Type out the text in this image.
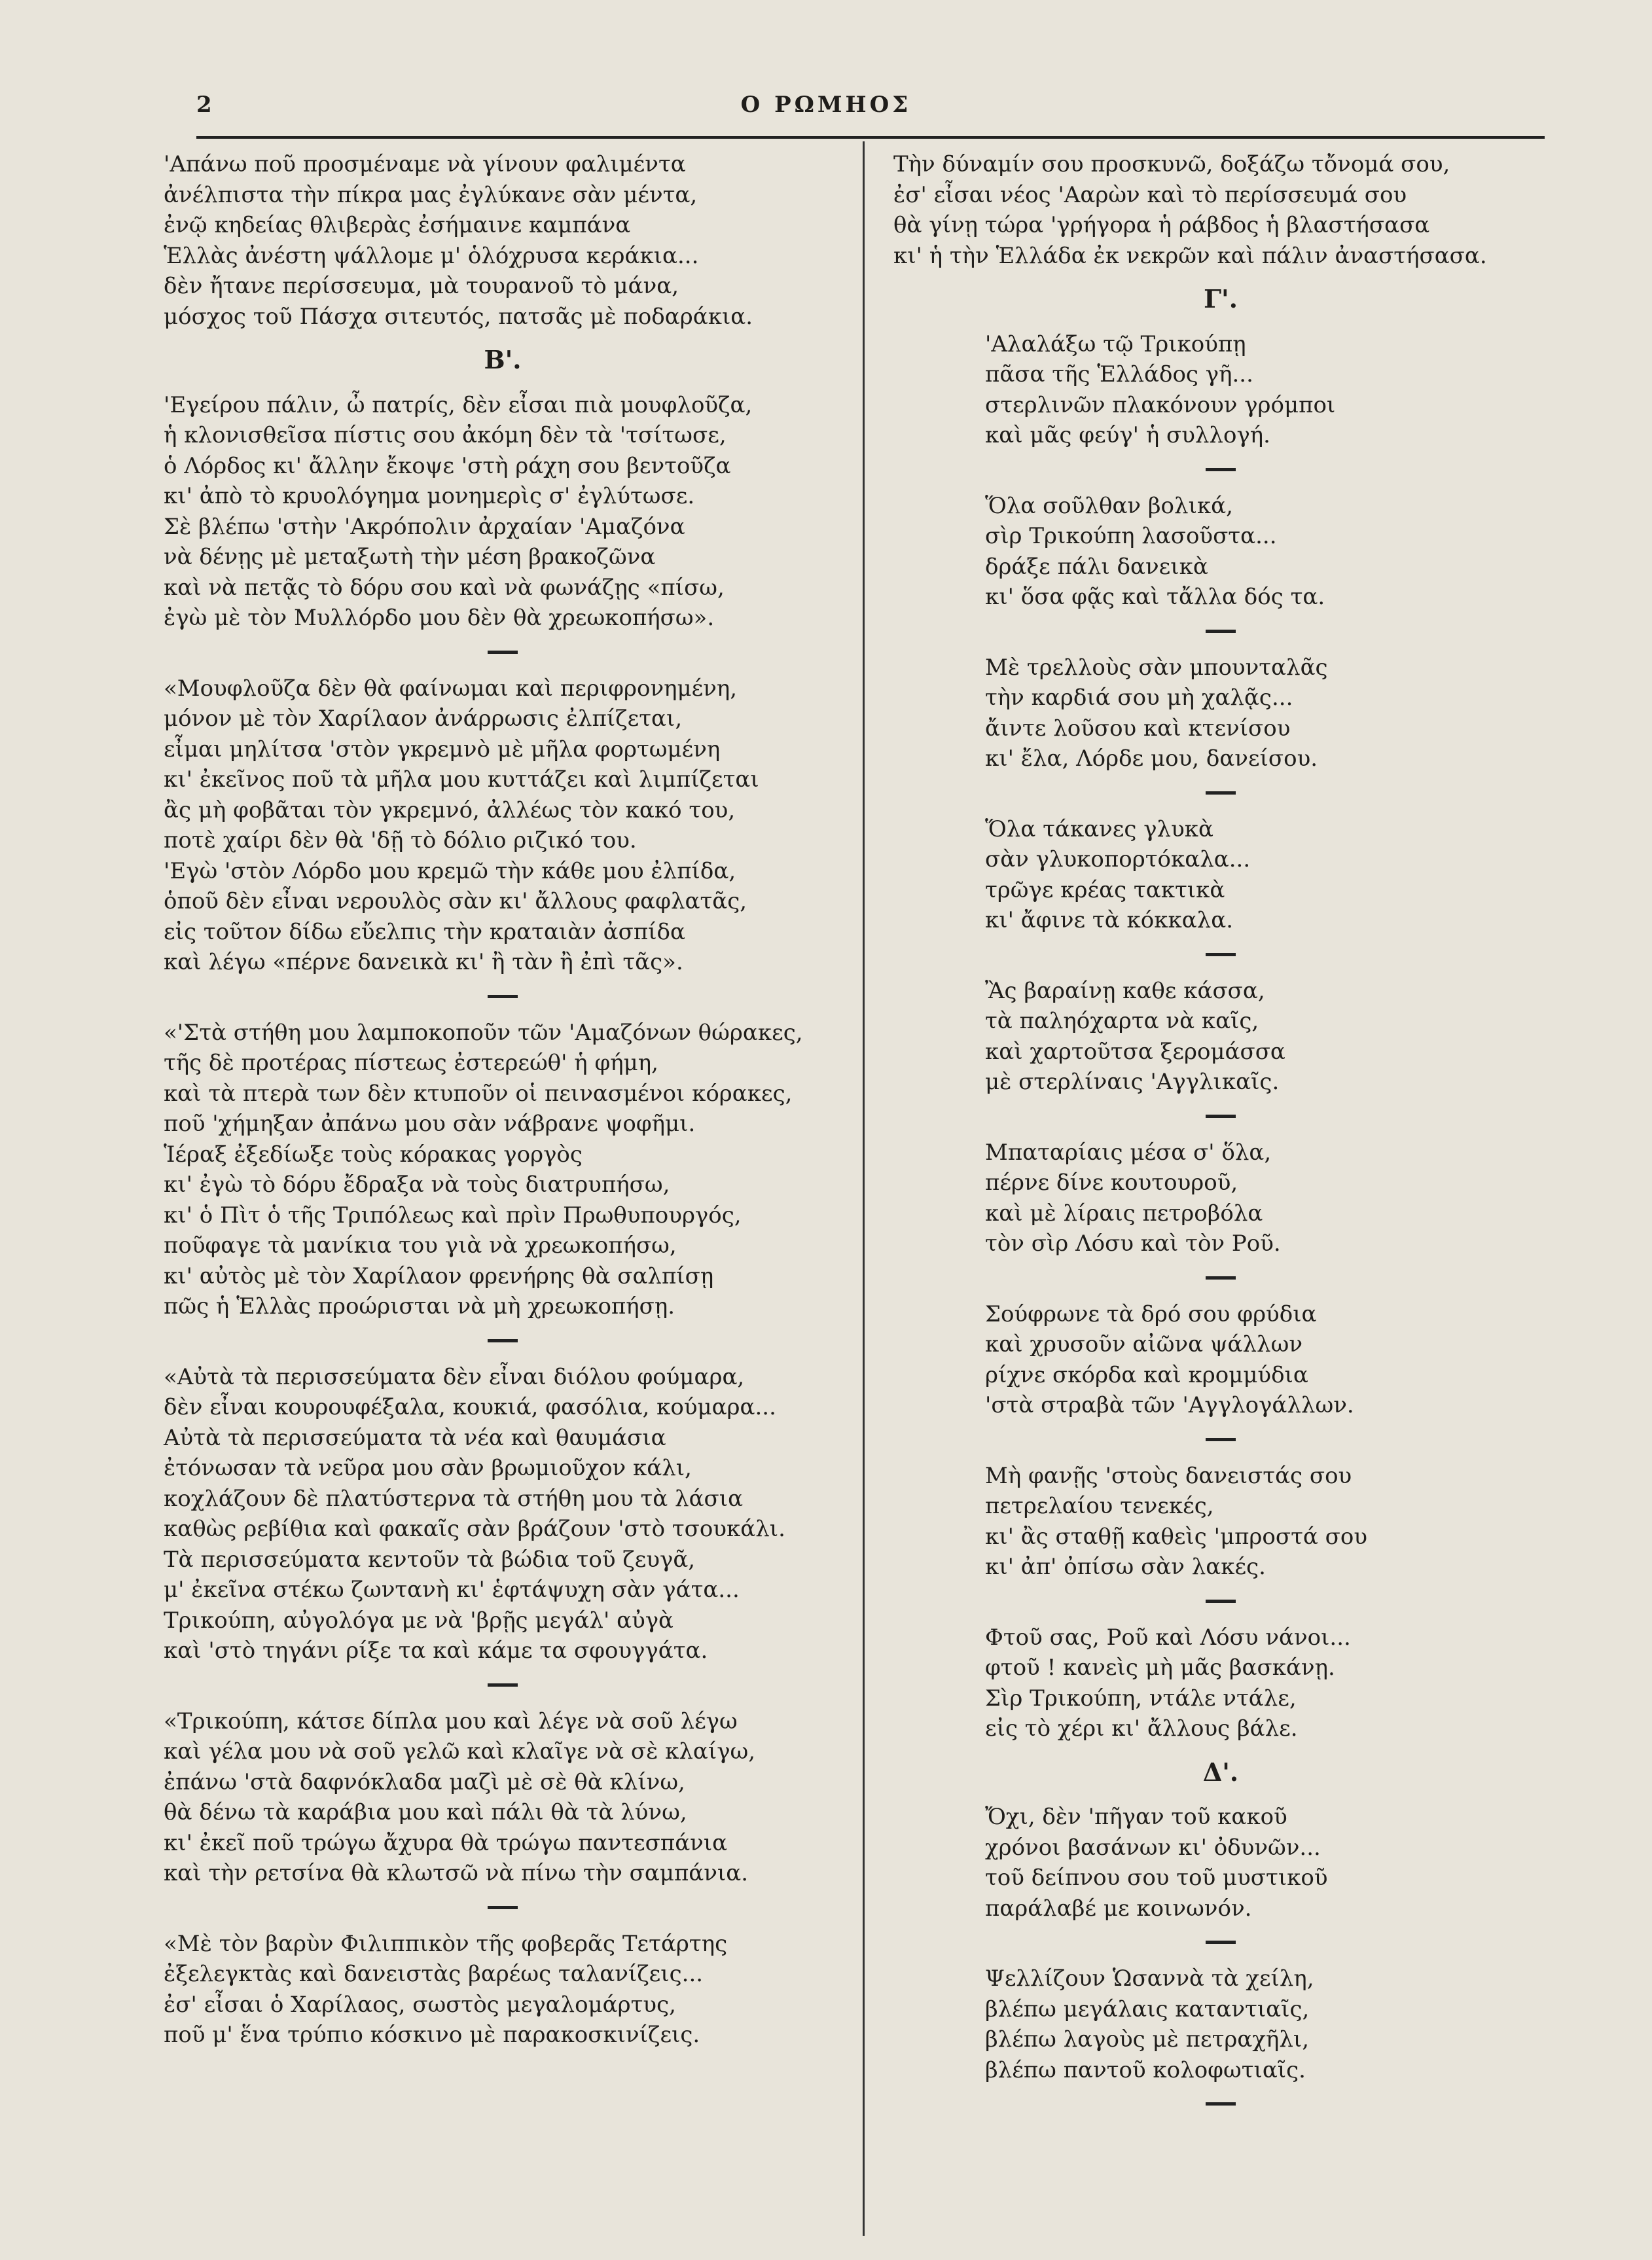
2	Ο ΡΩΜΗΟΣ
'Απάνω ποῦ προσμέναμε νὰ γίνουν φαλιμέντα
ἀνέλπιστα τὴν πίκρα μας ἐγλύκανε σὰν μέντα,
ἐνῷ κηδείας θλιβερὰς ἐσήμαινε καμπάνα
Ἑλλὰς ἀνέστη ψάλλομε μ' ὁλόχρυσα κεράκια...
δὲν ἤτανε περίσσευμα, μὰ τουρανοῦ τὸ μάνα,
μόσχος τοῦ Πάσχα σιτευτός, πατσᾶς μὲ ποδαράκια.
Β'.
'Εγείρου πάλιν, ὦ πατρίς, δὲν εἶσαι πιὰ μουφλοῦζα,
ἡ κλονισθεῖσα πίστις σου ἀκόμη δὲν τὰ 'τσίτωσε,
ὁ Λόρδος κι' ἄλλην ἔκοψε 'στὴ ράχη σου βεντοῦζα
κι' ἀπὸ τὸ κρυολόγημα μονημερὶς σ' ἐγλύτωσε.
Σὲ βλέπω 'στὴν 'Ακρόπολιν ἀρχαίαν 'Αμαζόνα
νὰ δένῃς μὲ μεταξωτὴ τὴν μέση βρακοζῶνα
καὶ νὰ πετᾷς τὸ δόρυ σου καὶ νὰ φωνάζῃς «πίσω,
ἐγὼ μὲ τὸν Μυλλόρδο μου δὲν θὰ χρεωκοπήσω».
«Μουφλοῦζα δὲν θὰ φαίνωμαι καὶ περιφρονημένη,
μόνον μὲ τὸν Χαρίλαον ἀνάρρωσις ἐλπίζεται,
εἶμαι μηλίτσα 'στὸν γκρεμνὸ μὲ μῆλα φορτωμένη
κι' ἐκεῖνος ποῦ τὰ μῆλα μου κυττάζει καὶ λιμπίζεται
ἂς μὴ φοβᾶται τὸν γκρεμνό, ἀλλέως τὸν κακό του,
ποτὲ χαίρι δὲν θὰ 'δῇ τὸ δόλιο ριζικό του.
'Εγὼ 'στὸν Λόρδο μου κρεμῶ τὴν κάθε μου ἐλπίδα,
ὁποῦ δὲν εἶναι νερουλὸς σὰν κι' ἄλλους φαφλατᾶς,
εἰς τοῦτον δίδω εὔελπις τὴν κραταιὰν ἀσπίδα
καὶ λέγω «πέρνε δανεικὰ κι' ἢ τὰν ἢ ἐπὶ τᾶς».
«'Στὰ στήθη μου λαμποκοποῦν τῶν 'Αμαζόνων θώρακες,
τῆς δὲ προτέρας πίστεως ἐστερεώθ' ἡ φήμη,
καὶ τὰ πτερὰ των δὲν κτυποῦν οἱ πεινασμένοι κόρακες,
ποῦ 'χήμηξαν ἀπάνω μου σὰν νάβρανε ψοφῆμι.
Ἱέραξ ἐξεδίωξε τοὺς κόρακας γοργὸς
κι' ἐγὼ τὸ δόρυ ἔδραξα νὰ τοὺς διατρυπήσω,
κι' ὁ Πὶτ ὁ τῆς Τριπόλεως καὶ πρὶν Πρωθυπουργός,
ποῦφαγε τὰ μανίκια του γιὰ νὰ χρεωκοπήσω,
κι' αὐτὸς μὲ τὸν Χαρίλαον φρενήρης θὰ σαλπίσῃ
πῶς ἡ Ἑλλὰς προώρισται νὰ μὴ χρεωκοπήσῃ.
«Αὐτὰ τὰ περισσεύματα δὲν εἶναι διόλου φούμαρα,
δὲν εἶναι κουρουφέξαλα, κουκιά, φασόλια, κούμαρα...
Αὐτὰ τὰ περισσεύματα τὰ νέα καὶ θαυμάσια
ἐτόνωσαν τὰ νεῦρα μου σὰν βρωμιοῦχον κάλι,
κοχλάζουν δὲ πλατύστερνα τὰ στήθη μου τὰ λάσια
καθὼς ρεβίθια καὶ φακαῖς σὰν βράζουν 'στὸ τσουκάλι.
Τὰ περισσεύματα κεντοῦν τὰ βώδια τοῦ ζευγᾶ,
μ' ἐκεῖνα στέκω ζωντανὴ κι' ἑφτάψυχη σὰν γάτα...
Τρικούπη, αὐγολόγα με νὰ 'βρῇς μεγάλ' αὐγὰ
καὶ 'στὸ τηγάνι ρίξε τα καὶ κάμε τα σφουγγάτα.
«Τρικούπη, κάτσε δίπλα μου καὶ λέγε νὰ σοῦ λέγω
καὶ γέλα μου νὰ σοῦ γελῶ καὶ κλαῖγε νὰ σὲ κλαίγω,
ἐπάνω 'στὰ δαφνόκλαδα μαζὶ μὲ σὲ θὰ κλίνω,
θὰ δένω τὰ καράβια μου καὶ πάλι θὰ τὰ λύνω,
κι' ἐκεῖ ποῦ τρώγω ἄχυρα θὰ τρώγω παντεσπάνια
καὶ τὴν ρετσίνα θὰ κλωτσῶ νὰ πίνω τὴν σαμπάνια.
«Μὲ τὸν βαρὺν Φιλιππικὸν τῆς φοβερᾶς Τετάρτης
ἐξελεγκτὰς καὶ δανειστὰς βαρέως ταλανίζεις...
ἐσ' εἶσαι ὁ Χαρίλαος, σωστὸς μεγαλομάρτυς,
ποῦ μ' ἕνα τρύπιο κόσκινο μὲ παρακοσκινίζεις.
Τὴν δύναμίν σου προσκυνῶ, δοξάζω τὄνομά σου,
ἐσ' εἶσαι νέος 'Ααρὼν καὶ τὸ περίσσευμά σου
θὰ γίνῃ τώρα 'γρήγορα ἡ ράβδος ἡ βλαστήσασα
κι' ἡ τὴν Ἑλλάδα ἐκ νεκρῶν καὶ πάλιν ἀναστήσασα.
Γ'.
'Αλαλάξω τῷ Τρικούπῃ
πᾶσα τῆς Ἑλλάδος γῆ...
στερλινῶν πλακόνουν γρόμποι
καὶ μᾶς φεύγ' ἡ συλλογή.
Ὅλα σοῦλθαν βολικά,
σὶρ Τρικούπη λασοῦστα...
δράξε πάλι δανεικὰ
κι' ὅσα φᾷς καὶ τἄλλα δός τα.
Μὲ τρελλοὺς σὰν μπουνταλᾶς
τὴν καρδιά σου μὴ χαλᾷς...
ἄιντε λοῦσου καὶ κτενίσου
κι' ἔλα, Λόρδε μου, δανείσου.
Ὅλα τάκανες γλυκὰ
σὰν γλυκοπορτόκαλα...
τρῶγε κρέας τακτικὰ
κι' ἄφινε τὰ κόκκαλα.
Ἂς βαραίνῃ καθε κάσσα,
τὰ παληόχαρτα νὰ καῖς,
καὶ χαρτοῦτσα ξερομάσσα
μὲ στερλίναις 'Αγγλικαῖς.
Μπαταρίαις μέσα σ' ὅλα,
πέρνε δίνε κουτουροῦ,
καὶ μὲ λίραις πετροβόλα
τὸν σὶρ Λόσυ καὶ τὸν Ροῦ.
Σούφρωνε τὰ δρό σου φρύδια
καὶ χρυσοῦν αἰῶνα ψάλλων
ρίχνε σκόρδα καὶ κρομμύδια
'στὰ στραβὰ τῶν 'Αγγλογάλλων.
Μὴ φανῇς 'στοὺς δανειστάς σου
πετρελαίου τενεκές,
κι' ἂς σταθῇ καθεὶς 'μπροστά σου
κι' ἀπ' ὀπίσω σὰν λακές.
Φτοῦ σας, Ροῦ καὶ Λόσυ νάνοι...
φτοῦ ! κανεὶς μὴ μᾶς βασκάνῃ.
Σὶρ Τρικούπη, ντάλε ντάλε,
εἰς τὸ χέρι κι' ἄλλους βάλε.
Δ'.
Ὄχι, δὲν 'πῆγαν τοῦ κακοῦ
χρόνοι βασάνων κι' ὀδυνῶν...
τοῦ δείπνου σου τοῦ μυστικοῦ
παράλαβέ με κοινωνόν.
Ψελλίζουν Ὡσαννὰ τὰ χείλη,
βλέπω μεγάλαις καταντιαῖς,
βλέπω λαγοὺς μὲ πετραχῆλι,
βλέπω παντοῦ κολοφωτιαῖς.
